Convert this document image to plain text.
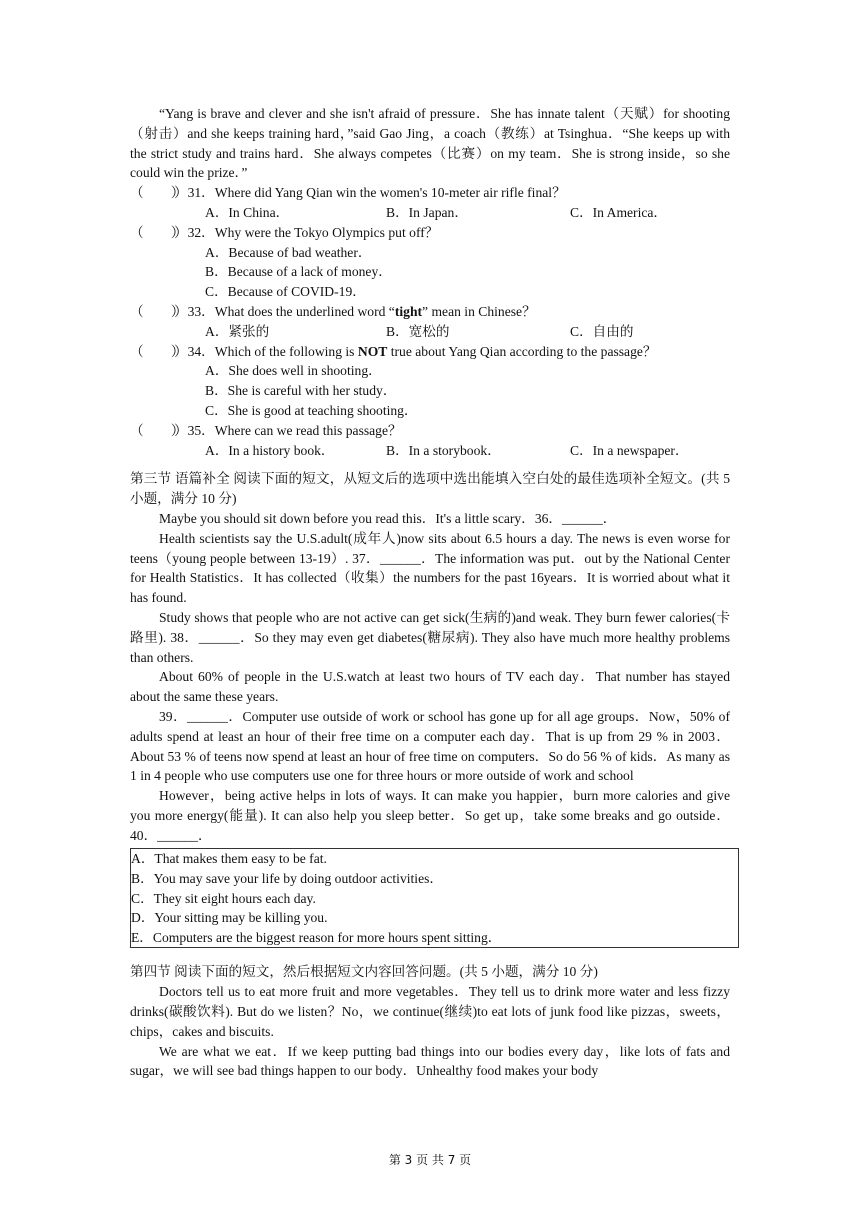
“Yang is brave and clever and she isn't afraid of pressure．She has innate talent（天赋）for shooting（射击）and she keeps training hard，”said Gao Jing，a coach（教练）at Tsinghua．“She keeps up with the strict study and trains hard．She always competes（比赛）on my team．She is strong inside，so she could win the prize．”

（　　）
）31．Where did Yang Qian win the women's 10-meter air rifle final？
A．In China．	B．In Japan．	C．In America．
（　　）
）32．Why were the Tokyo Olympics put off？
A．Because of bad weather．
B．Because of a lack of money．
C．Because of COVID-19．
（　　）
）33．What does the underlined word “tight” mean in Chinese？
A．紧张的	B．宽松的	C．自由的
（　　）
）34．Which of the following is NOT true about Yang Qian according to the passage？
A．She does well in shooting．
B．She is careful with her study．
C．She is good at teaching shooting．
（　　）
）35．Where can we read this passage？
A．In a history book．	B．In a storybook．	C．In a newspaper．

第三节 语篇补全 阅读下面的短文，从短文后的选项中选出能填入空白处的最佳选项补全短文。(共 5 小题，满分 10 分)

Maybe you should sit down before you read this．It's a little scary．36．______．

Health scientists say the U.S.adult(成年人)now sits about 6.5 hours a day. The news is even worse for teens（young people between 13-19）. 37．______．The information was put．out by the National Center for Health Statistics．It has collected（收集）the numbers for the past 16years．It is worried about what it has found.

Study shows that people who are not active can get sick(生病的)and weak. They burn fewer calories(卡路里). 38．______．So they may even get diabetes(糖尿病). They also have much more healthy problems than others.

About 60% of people in the U.S.watch at least two hours of TV each day．That number has stayed about the same these years.

39．______．Computer use outside of work or school has gone up for all age groups．Now，50% of adults spend at least an hour of their free time on a computer each day．That is up from 29 % in 2003．About 53 % of teens now spend at least an hour of free time on computers．So do 56 % of kids．As many as 1 in 4 people who use computers use one for three hours or more outside of work and school

However，being active helps in lots of ways. It can make you happier，burn more calories and give you more energy(能量). It can also help you sleep better．So get up，take some breaks and go outside．40．______．

A．That makes them easy to be fat.
B．You may save your life by doing outdoor activities．
C．They sit eight hours each day.
D．Your sitting may be killing you.
E．Computers are the biggest reason for more hours spent sitting．

第四节 阅读下面的短文，然后根据短文内容回答问题。(共 5 小题，满分 10 分)

Doctors tell us to eat more fruit and more vegetables．They tell us to drink more water and less fizzy drinks(碳酸饮料). But do we listen？No，we continue(继续)to eat lots of junk food like pizzas，sweets，chips，cakes and biscuits.

We are what we eat．If we keep putting bad things into our bodies every day，like lots of fats and sugar，we will see bad things happen to our body．Unhealthy food makes your body

第 3 页 共 7 页
